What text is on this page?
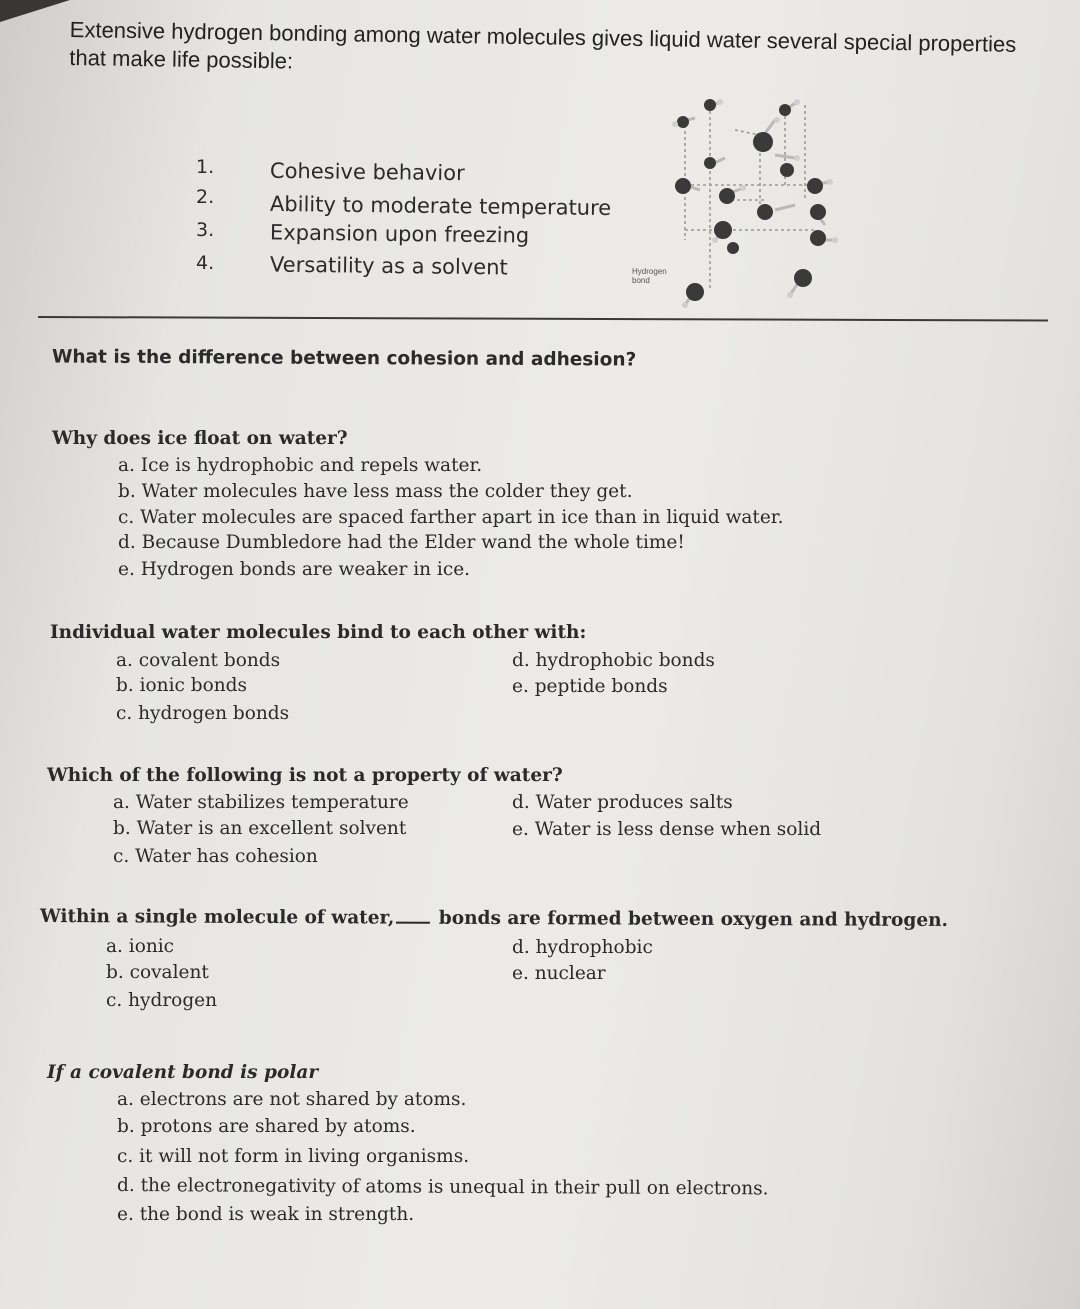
Extensive hydrogen bonding among water molecules gives liquid water several special properties that make life possible:
1.	Cohesive behavior
2.	Ability to moderate temperature
3.	Expansion upon freezing
4.	Versatility as a solvent	Hydrogen
bond
What is the difference between cohesion and adhesion?
Why does ice float on water?
a. Ice is hydrophobic and repels water.
b. Water molecules have less mass the colder they get.
c. Water molecules are spaced farther apart in ice than in liquid water.
d. Because Dumbledore had the Elder wand the whole time!
e. Hydrogen bonds are weaker in ice.
Individual water molecules bind to each other with:
a. covalent bonds
b. ionic bonds
c. hydrogen bonds
d. hydrophobic bonds
e. peptide bonds
Which of the following is not a property of water?
a. Water stabilizes temperature
b. Water is an excellent solvent
c. Water has cohesion
d. Water produces salts
e. Water is less dense when solid
Within a single molecule of water, bonds are formed between oxygen and hydrogen.
a. ionic
b. covalent
c. hydrogen
d. hydrophobic
e. nuclear
If a covalent bond is polar
a. electrons are not shared by atoms.
b. protons are shared by atoms.
c. it will not form in living organisms.
d. the electronegativity of atoms is unequal in their pull on electrons.
e. the bond is weak in strength.
